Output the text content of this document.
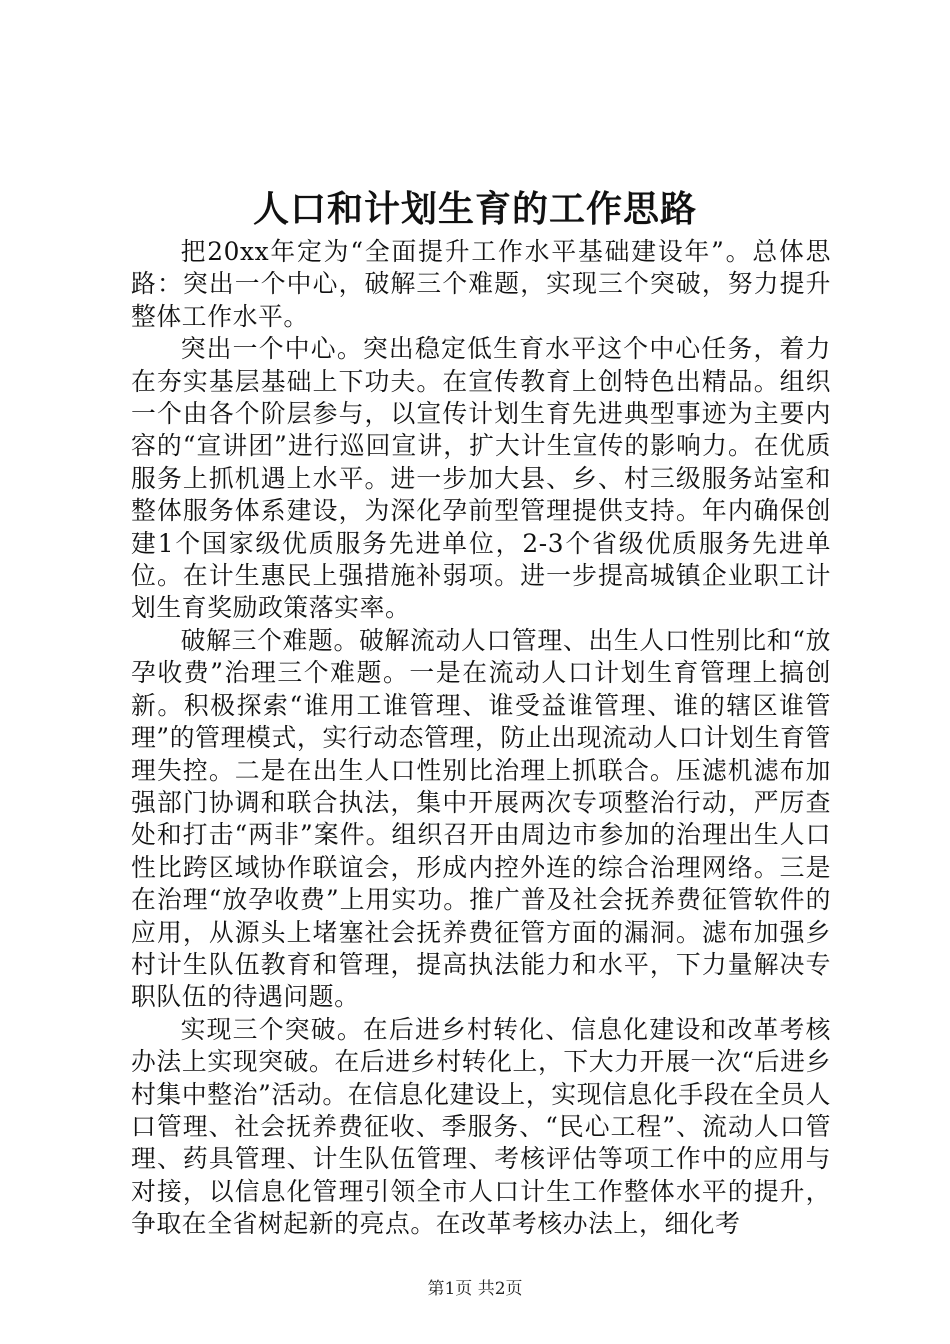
人口和计划生育的工作思路

把20xx年定为“全面提升工作水平基础建设年”。总体思路：突出一个中心，破解三个难题，实现三个突破，努力提升整体工作水平。

突出一个中心。突出稳定低生育水平这个中心任务，着力在夯实基层基础上下功夫。在宣传教育上创特色出精品。组织一个由各个阶层参与，以宣传计划生育先进典型事迹为主要内容的“宣讲团”进行巡回宣讲，扩大计生宣传的影响力。在优质服务上抓机遇上水平。进一步加大县、乡、村三级服务站室和整体服务体系建设，为深化孕前型管理提供支持。年内确保创建1个国家级优质服务先进单位，2-3个省级优质服务先进单位。在计生惠民上强措施补弱项。进一步提高城镇企业职工计划生育奖励政策落实率。

破解三个难题。破解流动人口管理、出生人口性别比和“放孕收费”治理三个难题。一是在流动人口计划生育管理上搞创新。积极探索“谁用工谁管理、谁受益谁管理、谁的辖区谁管理”的管理模式，实行动态管理，防止出现流动人口计划生育管理失控。二是在出生人口性别比治理上抓联合。压滤机滤布加强部门协调和联合执法，集中开展两次专项整治行动，严厉查处和打击“两非”案件。组织召开由周边市参加的治理出生人口性比跨区域协作联谊会，形成内控外连的综合治理网络。三是在治理“放孕收费”上用实功。推广普及社会抚养费征管软件的应用，从源头上堵塞社会抚养费征管方面的漏洞。滤布加强乡村计生队伍教育和管理，提高执法能力和水平，下力量解决专职队伍的待遇问题。

实现三个突破。在后进乡村转化、信息化建设和改革考核办法上实现突破。在后进乡村转化上，下大力开展一次“后进乡村集中整治”活动。在信息化建设上，实现信息化手段在全员人口管理、社会抚养费征收、季服务、“民心工程”、流动人口管理、药具管理、计生队伍管理、考核评估等项工作中的应用与对接，以信息化管理引领全市人口计生工作整体水平的提升，争取在全省树起新的亮点。在改革考核办法上，细化考

第1页 共2页
